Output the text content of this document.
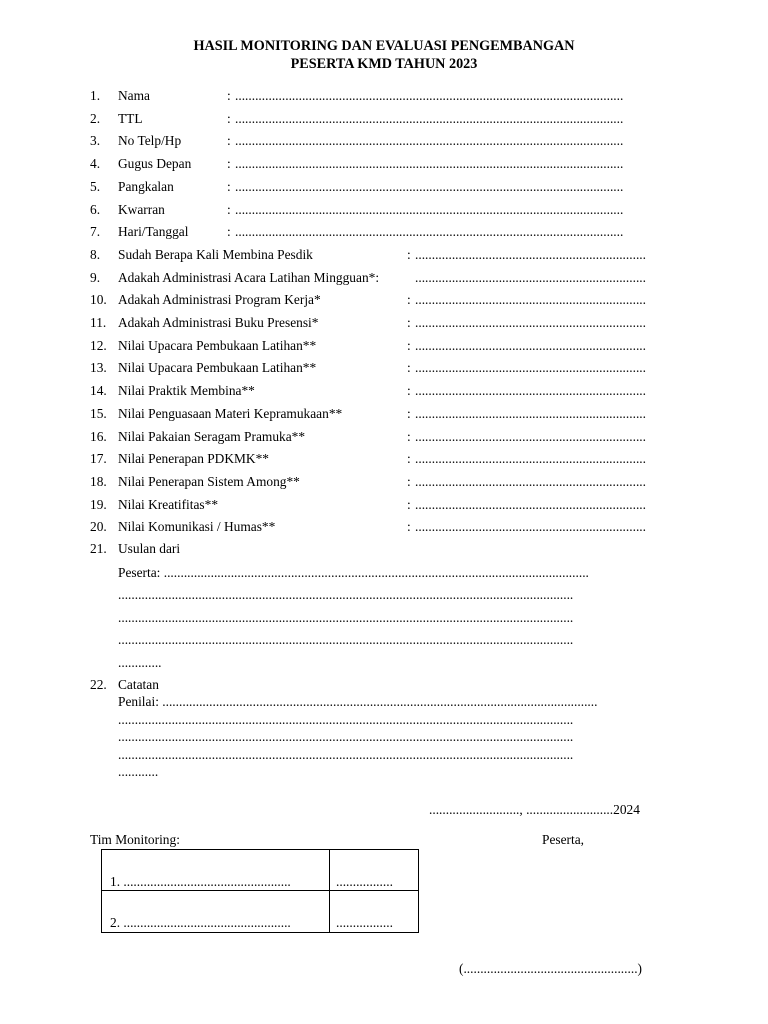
HASIL MONITORING DAN EVALUASI PENGEMBANGAN
PESERTA KMD TAHUN 2023
1. Nama	: ....................................................................................................................
2. TTL	: ....................................................................................................................
3. No Telp/Hp	: ....................................................................................................................
4. Gugus Depan	: ....................................................................................................................
5. Pangkalan	: ....................................................................................................................
6. Kwarran	: ....................................................................................................................
7. Hari/Tanggal	: ....................................................................................................................
8. Sudah Berapa Kali Membina Pesdik	: .....................................................................
9. Adakah Administrasi Acara Latihan Mingguan*:	.....................................................................
10. Adakah Administrasi Program Kerja*	: .....................................................................
11. Adakah Administrasi Buku Presensi*	: .....................................................................
12. Nilai Upacara Pembukaan Latihan**	: .....................................................................
13. Nilai Upacara Pembukaan Latihan**	: .....................................................................
14. Nilai Praktik Membina**	: .....................................................................
15. Nilai Penguasaan Materi Kepramukaan**	: .....................................................................
16. Nilai Pakaian Seragam Pramuka**	: .....................................................................
17. Nilai Penerapan PDKMK**	: .....................................................................
18. Nilai Penerapan Sistem Among**	: .....................................................................
19. Nilai Kreatifitas**	: .....................................................................
20. Nilai Komunikasi / Humas**	: .....................................................................
21. Usulan dari
Peserta: ...............................................................................................................................
........................................................................................................................................
........................................................................................................................................
........................................................................................................................................
.............
22. Catatan
Penilai: ..................................................................................................................................
........................................................................................................................................
........................................................................................................................................
........................................................................................................................................
............
..........................., ..........................2024
Tim Monitoring:	Peserta,
1. ..................................................	.................
2. ..................................................	.................
(....................................................)
